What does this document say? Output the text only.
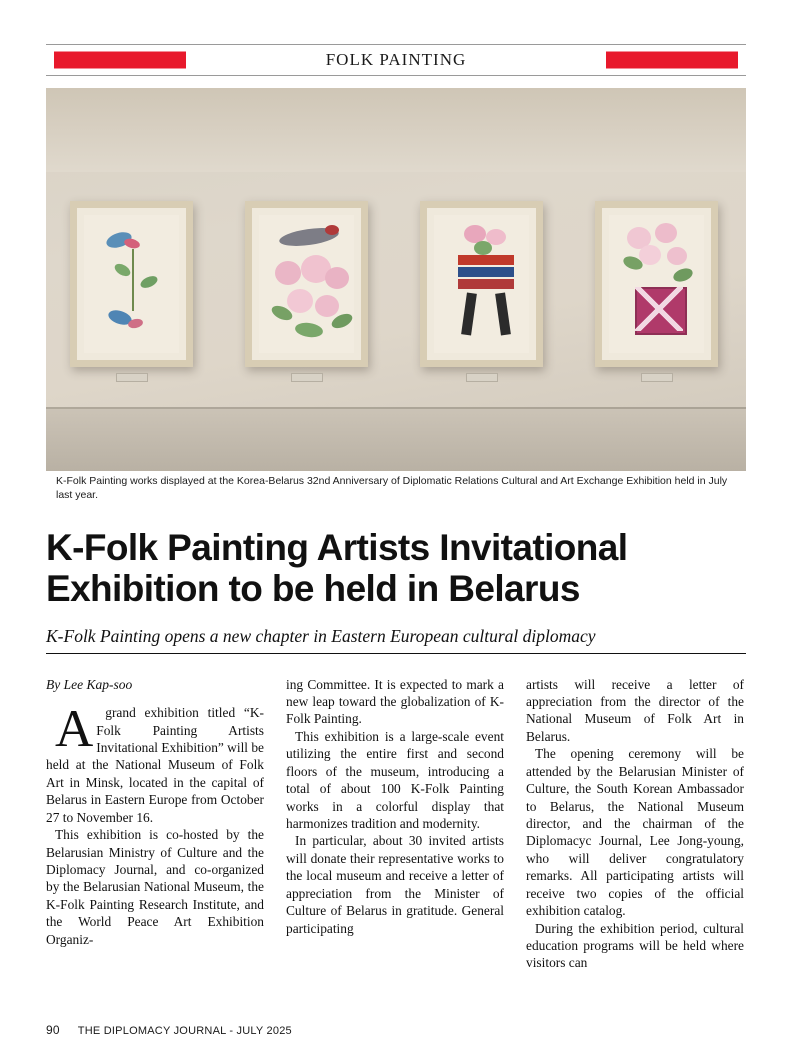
FOLK PAINTING
K-Folk Painting works displayed at the Korea-Belarus 32nd Anniversary of Diplomatic Relations Cultural and Art Exchange Exhibition held in July last year.
K-Folk Painting Artists Invitational
Exhibition to be held in Belarus
K-Folk Painting opens a new chapter in Eastern European cultural diplomacy
By Lee Kap-soo

Agrand exhibition titled “K-Folk Painting Artists Invitational Exhibition” will be held at the National Museum of Folk Art in Minsk, located in the capital of Belarus in Eastern Europe from October 27 to November 16.

This exhibition is co-hosted by the Belarusian Ministry of Culture and the Diplomacy Journal, and co-organized by the Belarusian National Museum, the K-Folk Painting Research Institute, and the World Peace Art Exhibition Organiz-

ing Committee. It is expected to mark a new leap toward the globalization of K-Folk Painting.

This exhibition is a large-scale event utilizing the entire first and second floors of the museum, introducing a total of about 100 K-Folk Painting works in a colorful display that harmonizes tradition and modernity.

In particular, about 30 invited artists will donate their representative works to the local museum and receive a letter of appreciation from the Minister of Culture of Belarus in gratitude. General participating

artists will receive a letter of appreciation from the director of the National Museum of Folk Art in Belarus.

The opening ceremony will be attended by the Belarusian Minister of Culture, the South Korean Ambassador to Belarus, the National Museum director, and the chairman of the Diplomacyc Journal, Lee Jong-young, who will deliver congratulatory remarks. All participating artists will receive two copies of the official exhibition catalog.

During the exhibition period, cultural education programs will be held where visitors can

90 THE DIPLOMACY JOURNAL - JULY 2025
